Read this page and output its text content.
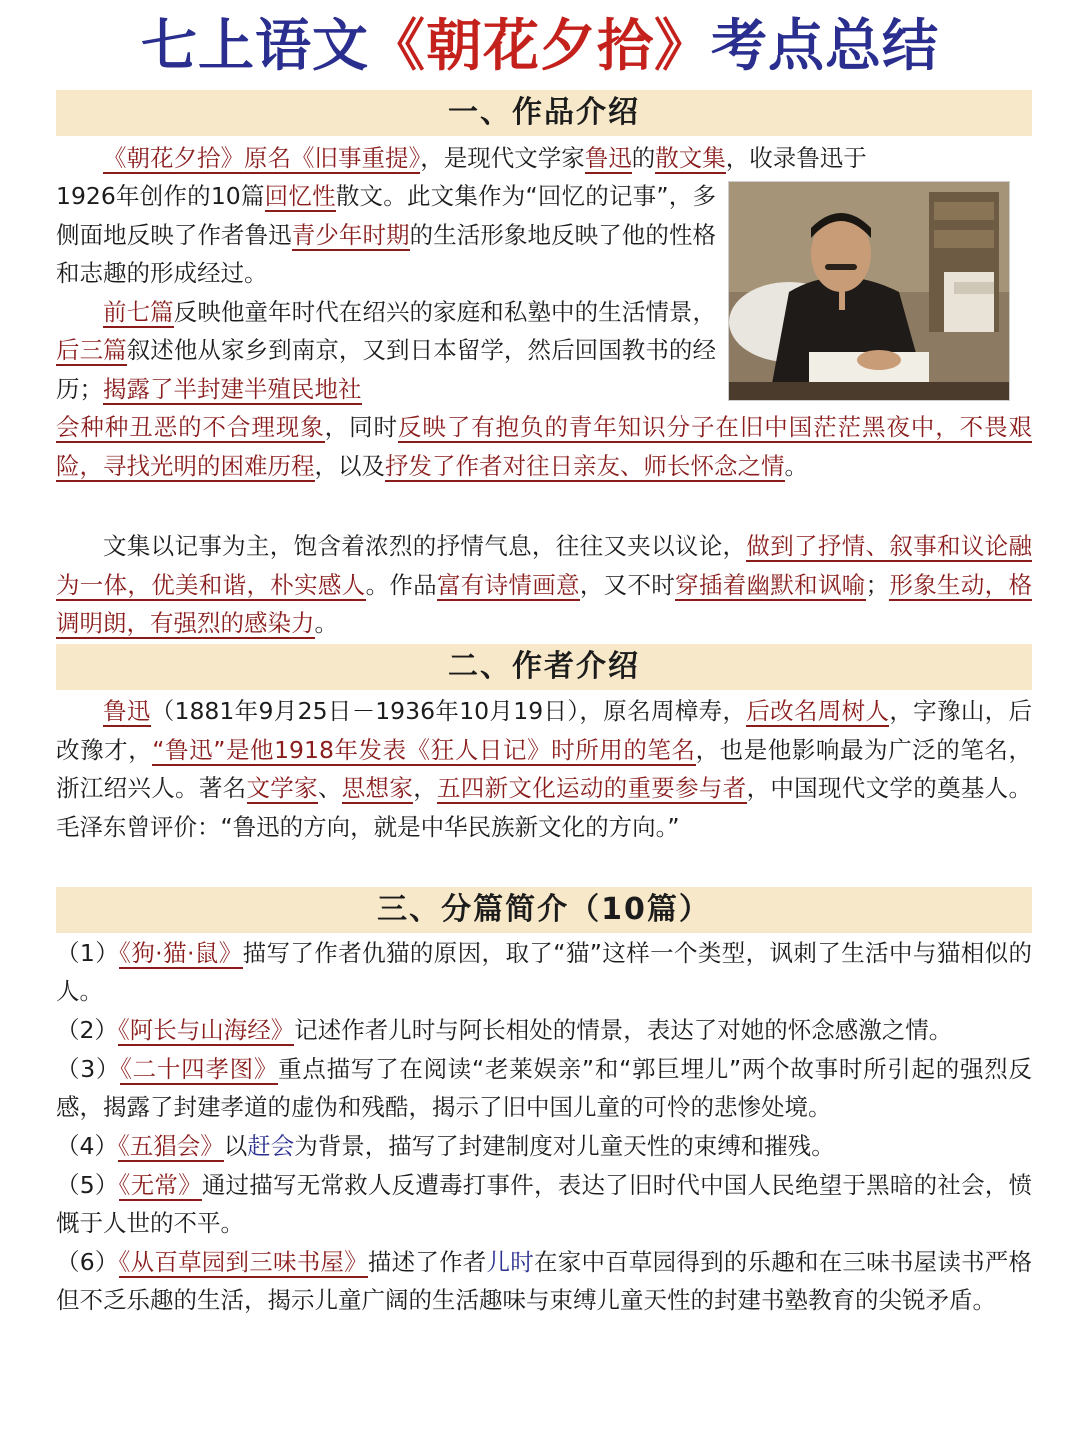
七上语文《朝花夕拾》考点总结
一、作品介绍

《朝花夕拾》原名《旧事重提》，是现代文学家鲁迅的散文集，收录鲁迅于

1926年创作的10篇回忆性散文。此文集作为“回忆的记事”，多侧面地反映了作者鲁迅青少年时期的生活形象地反映了他的性格和志趣的形成经过。

前七篇反映他童年时代在绍兴的家庭和私塾中的生活情景，后三篇叙述他从家乡到南京，又到日本留学，然后回国教书的经历；揭露了半封建半殖民地社

会种种丑恶的不合理现象，同时反映了有抱负的青年知识分子在旧中国茫茫黑夜中，不畏艰险，寻找光明的困难历程，以及抒发了作者对往日亲友、师长怀念之情。

文集以记事为主，饱含着浓烈的抒情气息，往往又夹以议论，做到了抒情、叙事和议论融为一体，优美和谐，朴实感人。作品富有诗情画意，又不时穿插着幽默和讽喻；形象生动，格调明朗，有强烈的感染力。

二、作者介绍

鲁迅（1881年9月25日－1936年10月19日），原名周樟寿，后改名周树人，字豫山，后改豫才，“鲁迅”是他1918年发表《狂人日记》时所用的笔名，也是他影响最为广泛的笔名，浙江绍兴人。著名文学家、思想家，五四新文化运动的重要参与者，中国现代文学的奠基人。毛泽东曾评价：“鲁迅的方向，就是中华民族新文化的方向。”

三、分篇简介（10篇）

（1）《狗·猫·鼠》描写了作者仇猫的原因，取了“猫”这样一个类型，讽刺了生活中与猫相似的人。

（2）《阿长与山海经》记述作者儿时与阿长相处的情景，表达了对她的怀念感激之情。

（3）《二十四孝图》重点描写了在阅读“老莱娱亲”和“郭巨埋儿”两个故事时所引起的强烈反感，揭露了封建孝道的虚伪和残酷，揭示了旧中国儿童的可怜的悲惨处境。

（4）《五猖会》以赶会为背景，描写了封建制度对儿童天性的束缚和摧残。

（5）《无常》通过描写无常救人反遭毒打事件，表达了旧时代中国人民绝望于黑暗的社会，愤慨于人世的不平。

（6）《从百草园到三味书屋》描述了作者儿时在家中百草园得到的乐趣和在三味书屋读书严格但不乏乐趣的生活，揭示儿童广阔的生活趣味与束缚儿童天性的封建书塾教育的尖锐矛盾。
